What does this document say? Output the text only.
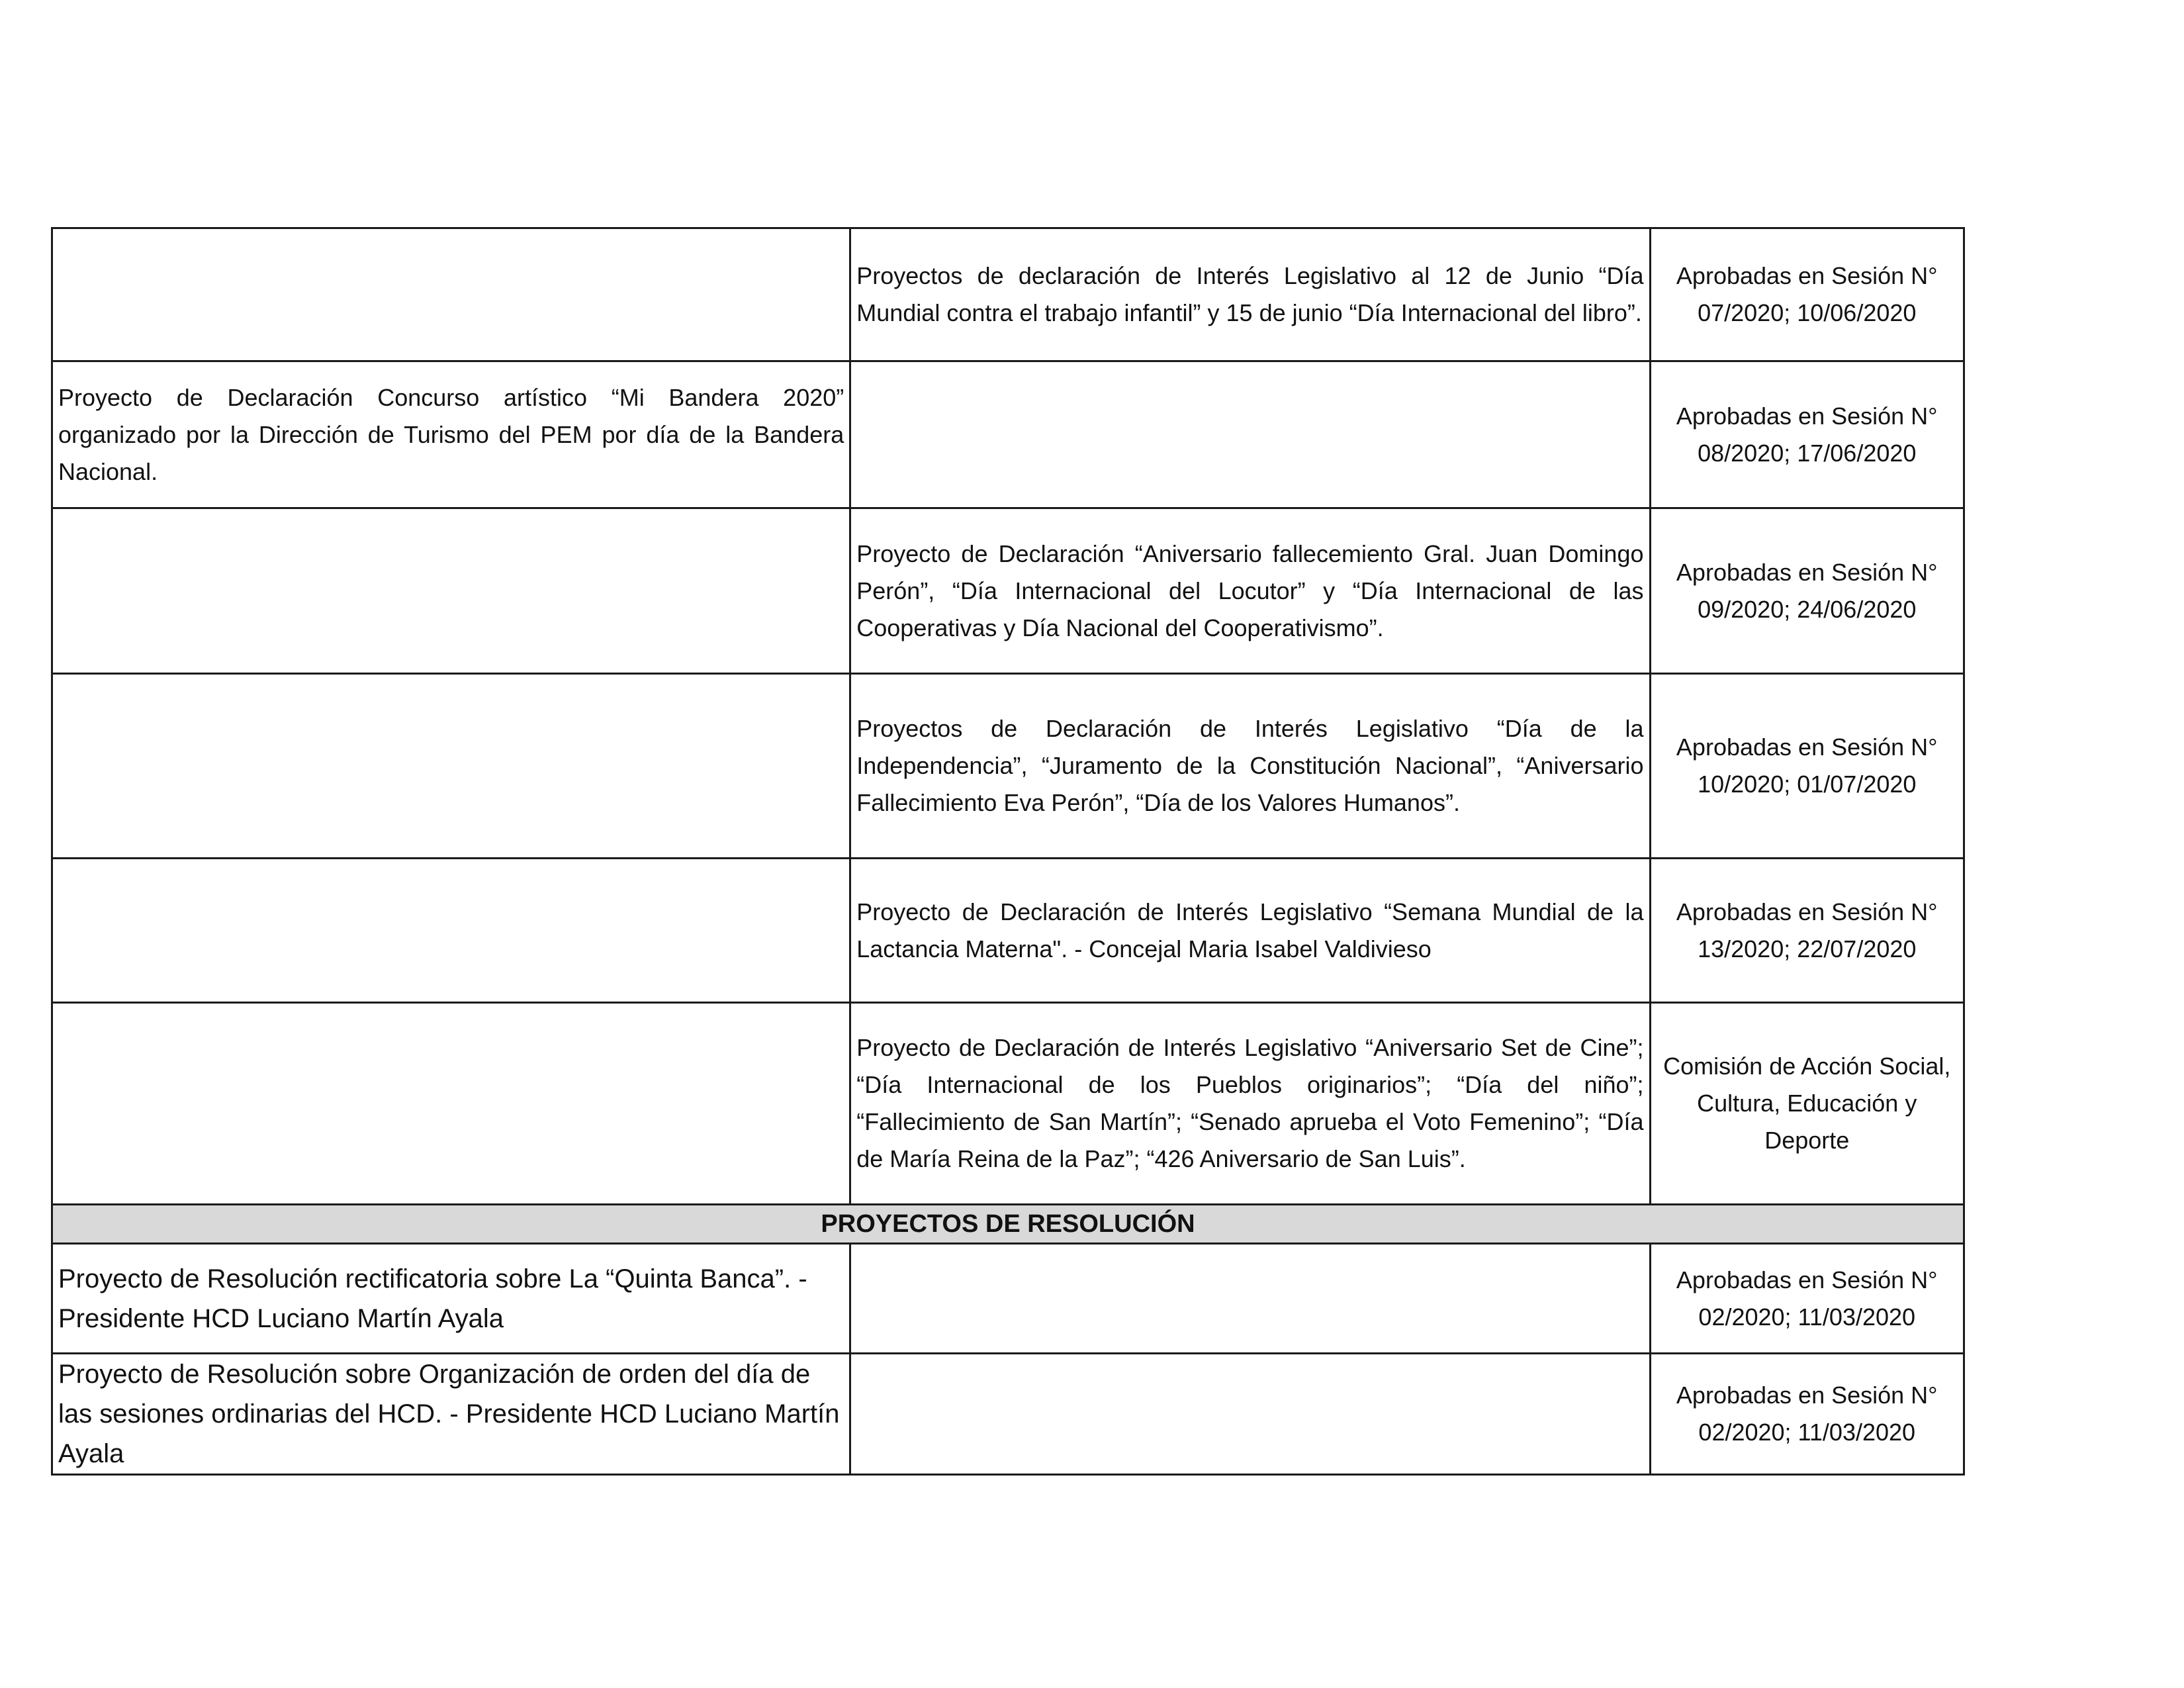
	Proyectos de declaración de Interés Legislativo al 12 de Junio “Día Mundial contra el trabajo infantil” y 15 de junio “Día Internacional del libro”.	Aprobadas en Sesión N° 07/2020; 10/06/2020

Proyecto de Declaración Concurso artístico “Mi Bandera 2020” organizado por la Dirección de Turismo del PEM por día de la Bandera Nacional.		Aprobadas en Sesión N° 08/2020; 17/06/2020

	Proyecto de Declaración “Aniversario fallecemiento Gral. Juan Domingo Perón”, “Día Internacional del Locutor” y “Día Internacional de las Cooperativas y Día Nacional del Cooperativismo”.	Aprobadas en Sesión N° 09/2020; 24/06/2020

	Proyectos de Declaración de Interés Legislativo “Día de la Independencia”, “Juramento de la Constitución Nacional”, “Aniversario Fallecimiento Eva Perón”, “Día de los Valores Humanos”.	Aprobadas en Sesión N° 10/2020; 01/07/2020

	Proyecto de Declaración de Interés Legislativo “Semana Mundial de la Lactancia Materna". - Concejal Maria Isabel Valdivieso	Aprobadas en Sesión N° 13/2020; 22/07/2020

	Proyecto de Declaración de Interés Legislativo “Aniversario Set de Cine”; “Día Internacional de los Pueblos originarios”; “Día del niño”; “Fallecimiento de San Martín”; “Senado aprueba el Voto Femenino”; “Día de María Reina de la Paz”; “426 Aniversario de San Luis”.	Comisión de Acción Social, Cultura, Educación y Deporte

PROYECTOS DE RESOLUCIÓN		

Proyecto de Resolución rectificatoria sobre La “Quinta Banca”. - Presidente HCD Luciano Martín Ayala		Aprobadas en Sesión N° 02/2020; 11/03/2020

Proyecto de Resolución sobre Organización de orden del día de las sesiones ordinarias del HCD. - Presidente HCD Luciano Martín Ayala		Aprobadas en Sesión N° 02/2020; 11/03/2020
